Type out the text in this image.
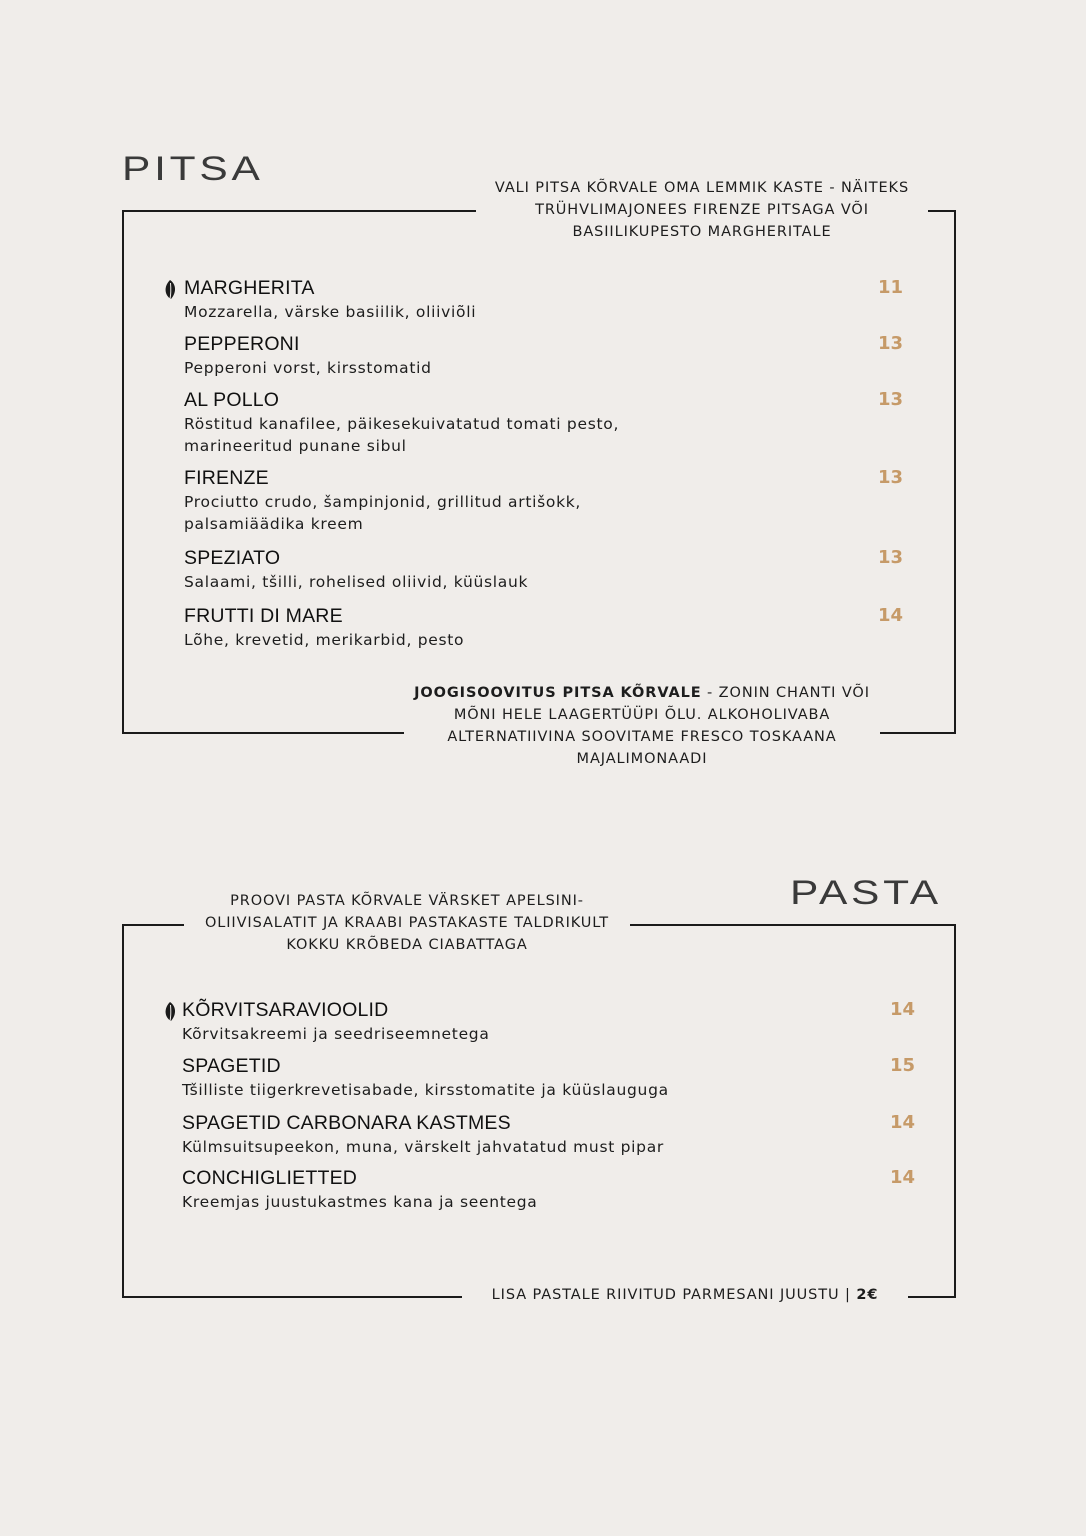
PITSA	VALI PITSA KÕRVALE OMA LEMMIK KASTE - NÄITEKS TRÜHVLIMAJONEES FIRENZE PITSAGA VÕI BASIILIKUPESTO MARGHERITALE

MARGHERITA
Mozzarella, värske basiilik, oliiviõli
11
PEPPERONI
Pepperoni vorst, kirsstomatid
13
AL POLLO
Röstitud kanafilee, päikesekuivatatud tomati pesto, marineeritud punane sibul
13
FIRENZE
Prociutto crudo, šampinjonid, grillitud artišokk, palsamiäädika kreem
13
SPEZIATO
Salaami, tšilli, rohelised oliivid, küüslauk
13
FRUTTI DI MARE
Lõhe, krevetid, merikarbid, pesto
14

JOOGISOOVITUS PITSA KÕRVALE - ZONIN CHANTI VÕI MÕNI HELE LAAGERTÜÜPI ÕLU. ALKOHOLIVABA ALTERNATIIVINA SOOVITAME FRESCO TOSKAANA MAJALIMONAADI

PASTA

PROOVI PASTA KÕRVALE VÄRSKET APELSINI-OLIIVISALATIT JA KRAABI PASTAKASTE TALDRIKULT KOKKU KRÕBEDA CIABATTAGA

KÕRVITSARAVIOOLID
Kõrvitsakreemi ja seedriseemnetega
14
SPAGETID
Tšilliste tiigerkrevetisabade, kirsstomatite ja küüslauguga
15
SPAGETID CARBONARA KASTMES
Külmsuitsupeekon, muna, värskelt jahvatatud must pipar
14
CONCHIGLIETTED
Kreemjas juustukastmes kana ja seentega
14

LISA PASTALE RIIVITUD PARMESANI JUUSTU | 2€
